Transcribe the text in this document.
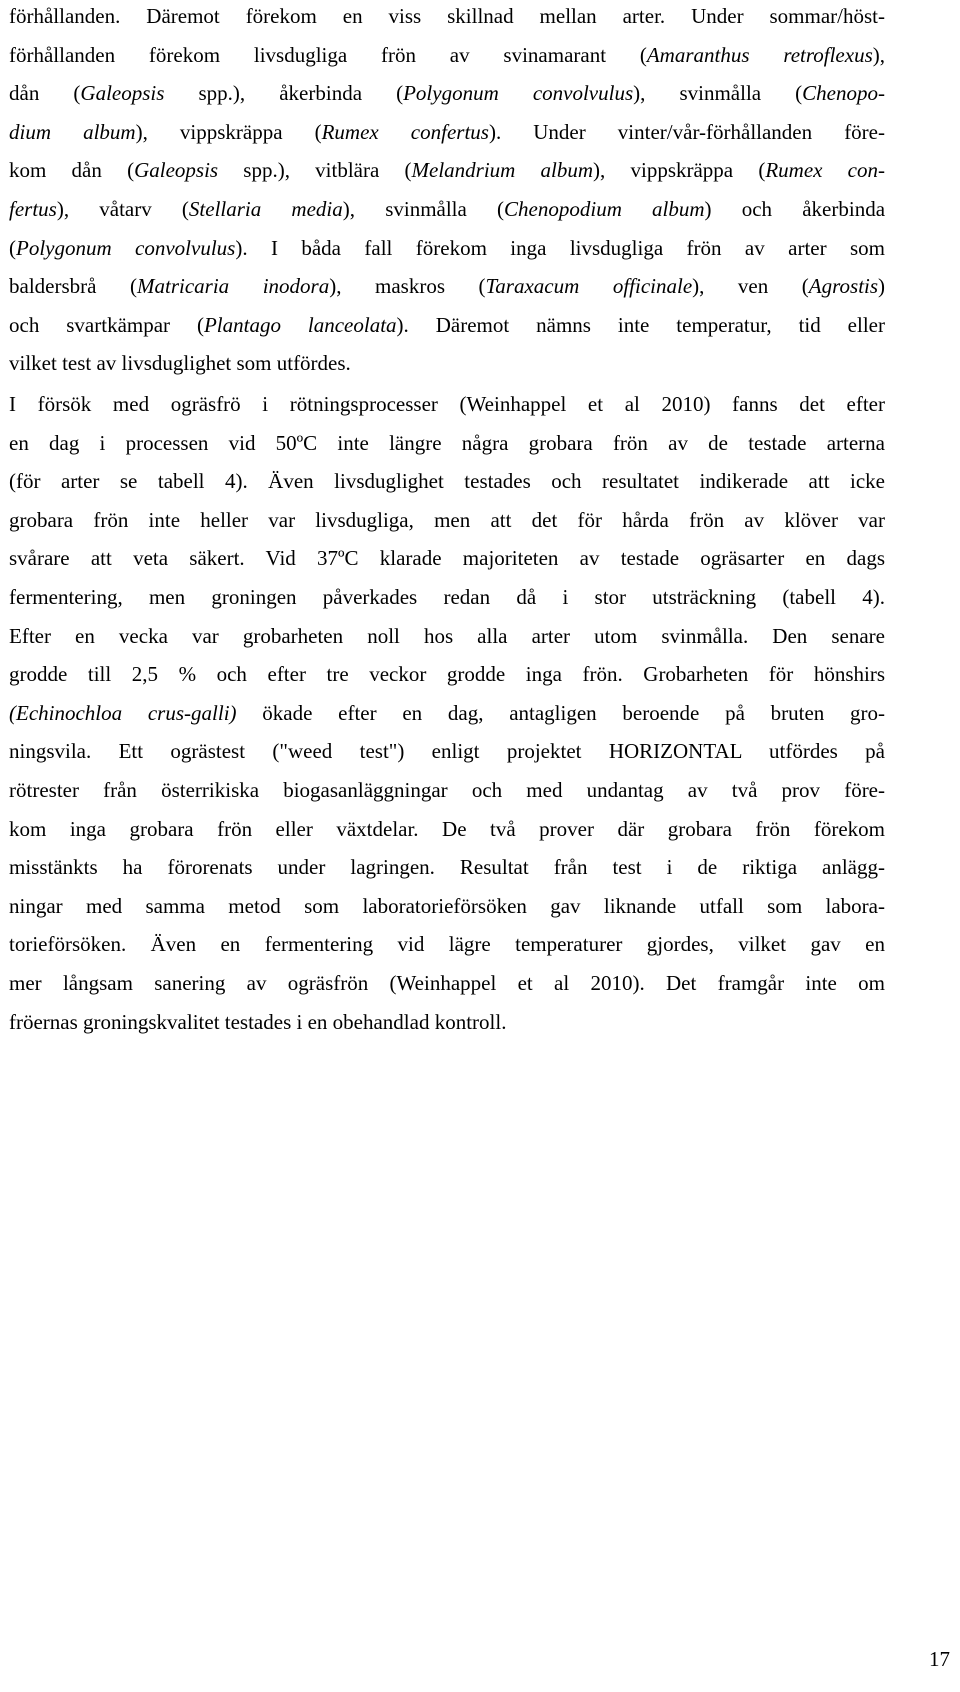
förhållanden. Däremot förekom en viss skillnad mellan arter. Under sommar/höst-
förhållanden förekom livsdugliga frön av svinamarant (Amaranthus retroflexus),
dån (Galeopsis spp.), åkerbinda (Polygonum convolvulus), svinmålla (Chenopo-
dium album), vippskräppa (Rumex confertus). Under vinter/vår-förhållanden före-
kom dån (Galeopsis spp.), vitblära (Melandrium album), vippskräppa (Rumex con-
fertus), våtarv (Stellaria media), svinmålla (Chenopodium album) och åkerbinda
(Polygonum convolvulus). I båda fall förekom inga livsdugliga frön av arter som
baldersbrå (Matricaria inodora), maskros (Taraxacum officinale), ven (Agrostis)
och svartkämpar (Plantago lanceolata). Däremot nämns inte temperatur, tid eller
vilket test av livsduglighet som utfördes.
I försök med ogräsfrö i rötningsprocesser (Weinhappel et al 2010) fanns det efter
en dag i processen vid 50ºC inte längre några grobara frön av de testade arterna
(för arter se tabell 4). Även livsduglighet testades och resultatet indikerade att icke
grobara frön inte heller var livsdugliga, men att det för hårda frön av klöver var
svårare att veta säkert. Vid 37ºC klarade majoriteten av testade ogräsarter en dags
fermentering, men groningen påverkades redan då i stor utsträckning (tabell 4).
Efter en vecka var grobarheten noll hos alla arter utom svinmålla. Den senare
grodde till 2,5 % och efter tre veckor grodde inga frön. Grobarheten för hönshirs
(Echinochloa crus-galli) ökade efter en dag, antagligen beroende på bruten gro-
ningsvila. Ett ogrästest ("weed test") enligt projektet HORIZONTAL utfördes på
rötrester från österrikiska biogasanläggningar och med undantag av två prov före-
kom inga grobara frön eller växtdelar. De två prover där grobara frön förekom
misstänkts ha förorenats under lagringen. Resultat från test i de riktiga anlägg-
ningar med samma metod som laboratorieförsöken gav liknande utfall som labora-
torieförsöken. Även en fermentering vid lägre temperaturer gjordes, vilket gav en
mer långsam sanering av ogräsfrön (Weinhappel et al 2010). Det framgår inte om
fröernas groningskvalitet testades i en obehandlad kontroll.
17
